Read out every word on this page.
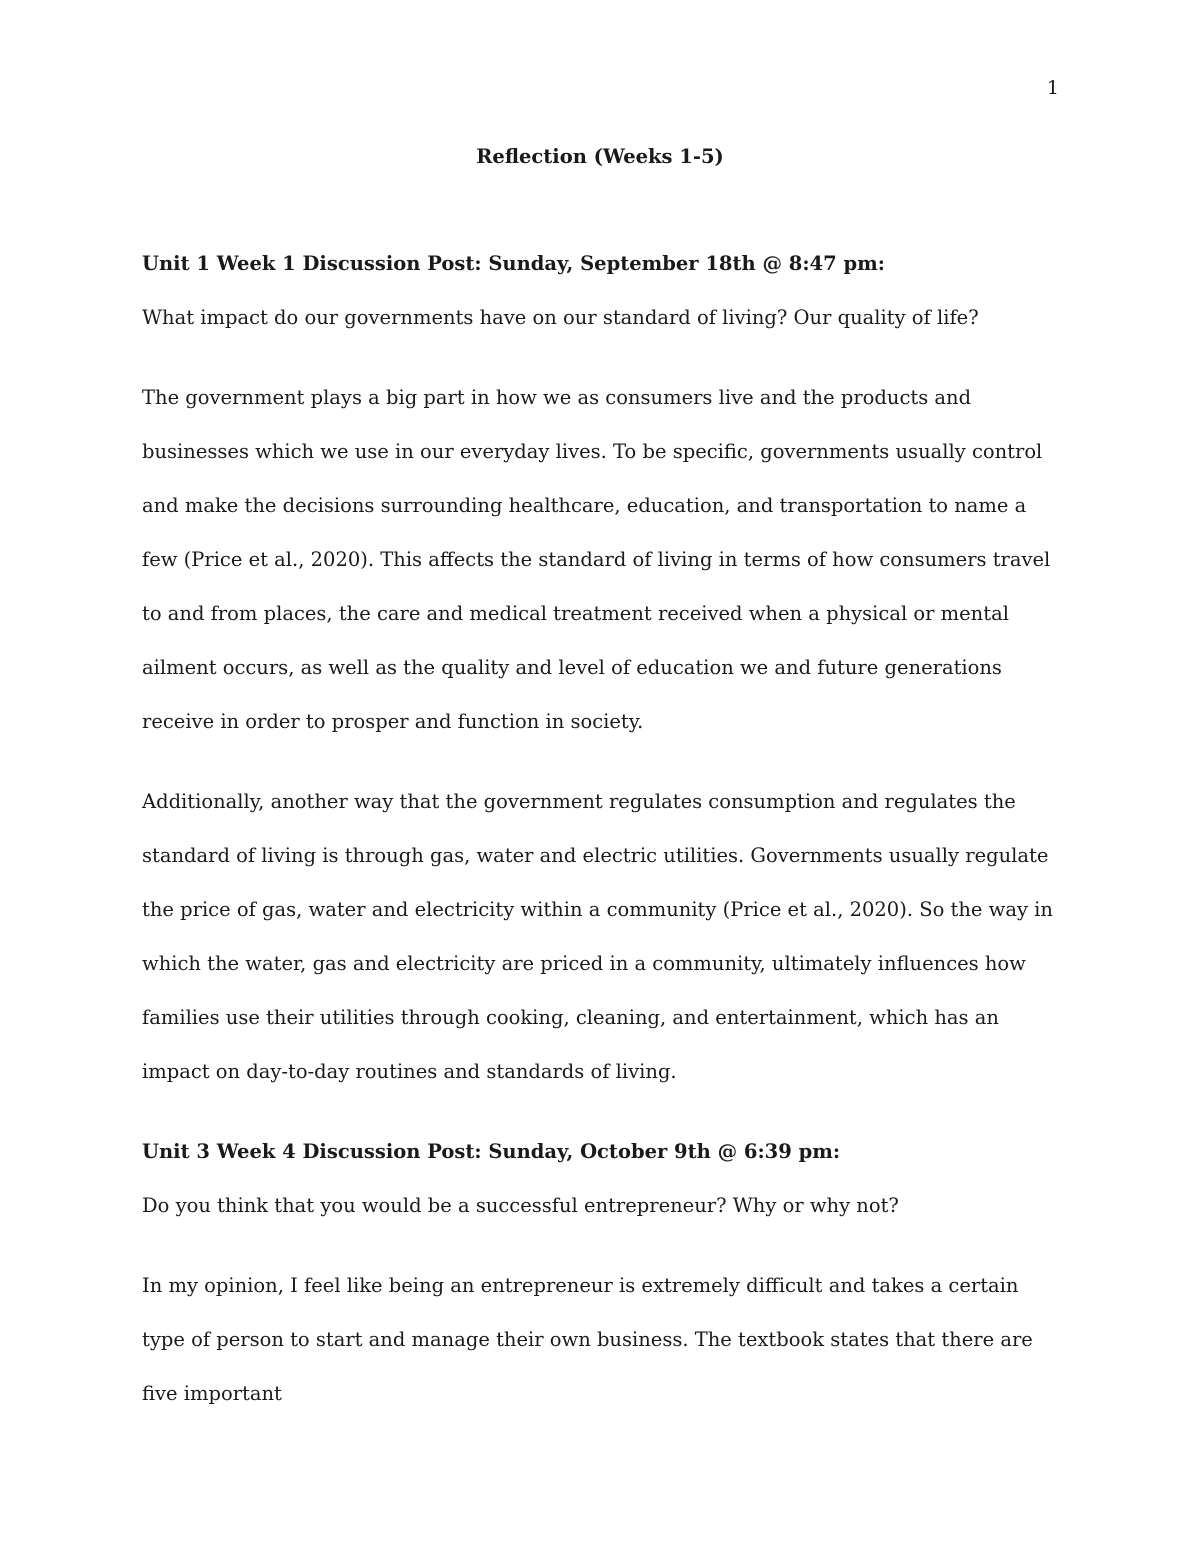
1
Reflection (Weeks 1-5)

Unit 1 Week 1 Discussion Post: Sunday, September 18th @ 8:47 pm:

What impact do our governments have on our standard of living? Our quality of life?

The government plays a big part in how we as consumers live and the products and businesses which we use in our everyday lives. To be specific, governments usually control and make the decisions surrounding healthcare, education, and transportation to name a few (Price et al., 2020). This affects the standard of living in terms of how consumers travel to and from places, the care and medical treatment received when a physical or mental ailment occurs, as well as the quality and level of education we and future generations receive in order to prosper and function in society.

Additionally, another way that the government regulates consumption and regulates the standard of living is through gas, water and electric utilities. Governments usually regulate the price of gas, water and electricity within a community (Price et al., 2020). So the way in which the water, gas and electricity are priced in a community, ultimately influences how families use their utilities through cooking, cleaning, and entertainment, which has an impact on day-to-day routines and standards of living.

Unit 3 Week 4 Discussion Post: Sunday, October 9th @ 6:39 pm:

Do you think that you would be a successful entrepreneur? Why or why not?

In my opinion, I feel like being an entrepreneur is extremely difficult and takes a certain type of person to start and manage their own business. The textbook states that there are five important
